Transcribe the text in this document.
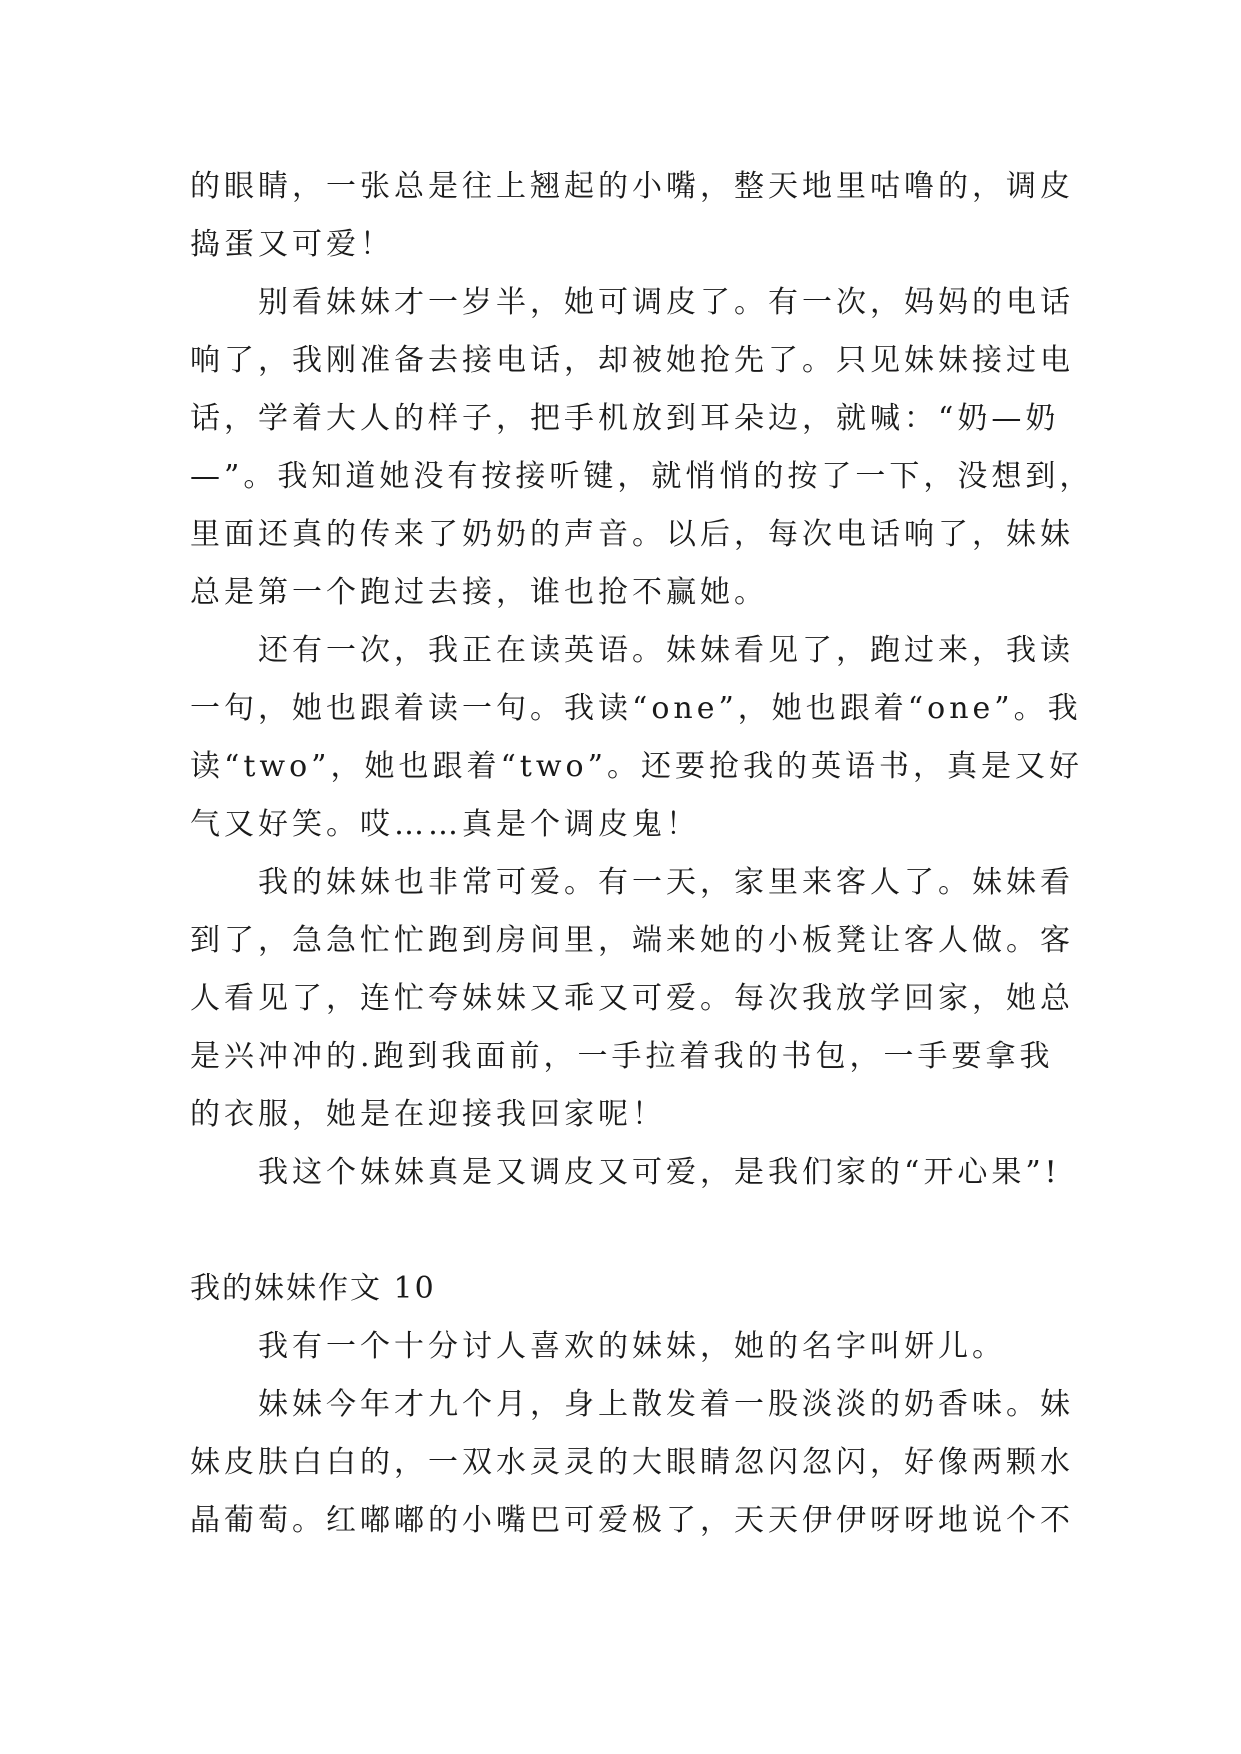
的眼睛，一张总是往上翘起的小嘴，整天地里咕噜的，调皮
捣蛋又可爱！
别看妹妹才一岁半，她可调皮了。有一次，妈妈的电话
响了，我刚准备去接电话，却被她抢先了。只见妹妹接过电
话，学着大人的样子，把手机放到耳朵边，就喊：“奶—奶
—”。我知道她没有按接听键，就悄悄的按了一下，没想到，
里面还真的传来了奶奶的声音。以后，每次电话响了，妹妹
总是第一个跑过去接，谁也抢不赢她。
还有一次，我正在读英语。妹妹看见了，跑过来，我读
一句，她也跟着读一句。我读“one”，她也跟着“one”。我
读“two”，她也跟着“two”。还要抢我的英语书，真是又好
气又好笑。哎……真是个调皮鬼！
我的妹妹也非常可爱。有一天，家里来客人了。妹妹看
到了，急急忙忙跑到房间里，端来她的小板凳让客人做。客
人看见了，连忙夸妹妹又乖又可爱。每次我放学回家，她总
是兴冲冲的.跑到我面前，一手拉着我的书包，一手要拿我
的衣服，她是在迎接我回家呢！
我这个妹妹真是又调皮又可爱，是我们家的“开心果”!
我的妹妹作文 10
我有一个十分讨人喜欢的妹妹，她的名字叫妍儿。
妹妹今年才九个月，身上散发着一股淡淡的奶香味。妹
妹皮肤白白的，一双水灵灵的大眼睛忽闪忽闪，好像两颗水
晶葡萄。红嘟嘟的小嘴巴可爱极了，天天伊伊呀呀地说个不
